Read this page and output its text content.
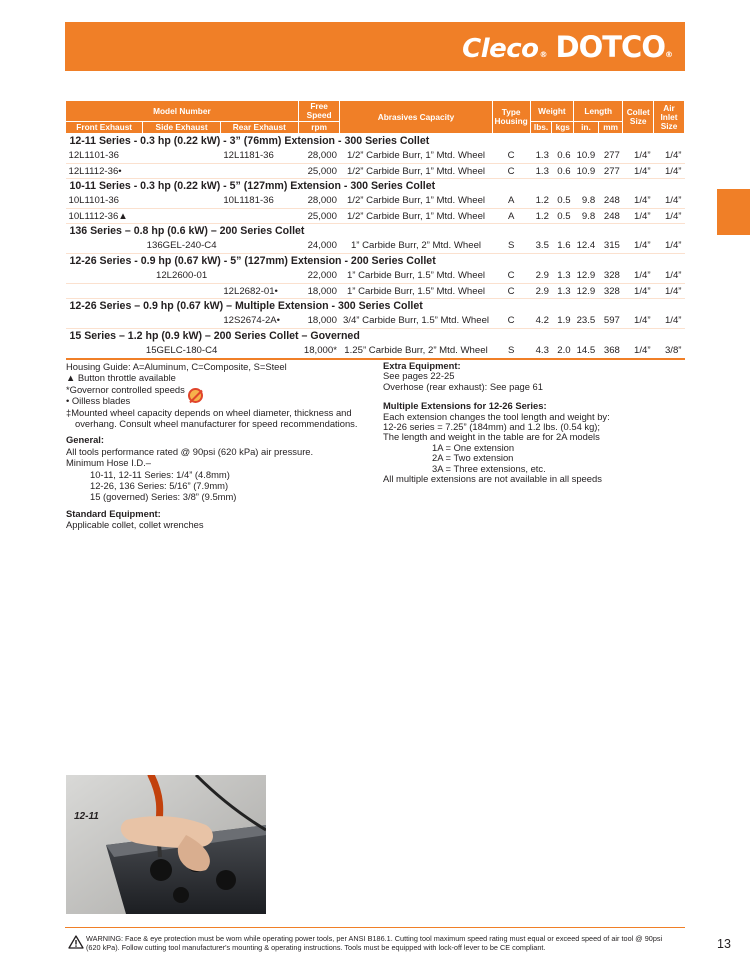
Cleco ® DOTCO ®
Model Number			Free Speed	Abrasives Capacity	Type Housing	Weight		Length		Collet Size	Air Inlet Size
Front Exhaust	Side Exhaust	Rear Exhaust	rpm			lbs.	kgs	in.	mm		
12-11 Series - 0.3 hp (0.22 kW) - 3” (76mm) Extension - 300 Series Collet											
12L1101-36		12L1181-36	28,000	1/2” Carbide Burr, 1” Mtd. Wheel	C	1.3	0.6	10.9	277	1/4”	1/4”
12L1112-36•			25,000	1/2” Carbide Burr, 1” Mtd. Wheel	C	1.3	0.6	10.9	277	1/4”	1/4”
10-11 Series - 0.3 hp (0.22 kW) - 5” (127mm) Extension - 300 Series Collet											
10L1101-36		10L1181-36	28,000	1/2” Carbide Burr, 1” Mtd. Wheel	A	1.2	0.5	9.8	248	1/4”	1/4”
10L1112-36▲			25,000	1/2” Carbide Burr, 1” Mtd. Wheel	A	1.2	0.5	9.8	248	1/4”	1/4”
136 Series – 0.8 hp (0.6 kW) – 200 Series Collet											
	136GEL-240-C4		24,000	1” Carbide Burr, 2” Mtd. Wheel	S	3.5	1.6	12.4	315	1/4”	1/4”
12-26 Series - 0.9 hp (0.67 kW) - 5” (127mm) Extension - 200 Series Collet											
	12L2600-01		22,000	1” Carbide Burr, 1.5” Mtd. Wheel	C	2.9	1.3	12.9	328	1/4”	1/4”
		12L2682-01•	18,000	1” Carbide Burr, 1.5” Mtd. Wheel	C	2.9	1.3	12.9	328	1/4”	1/4”
12-26 Series – 0.9 hp (0.67 kW) – Multiple Extension - 300 Series Collet											
		12S2674-2A•	18,000	3/4” Carbide Burr, 1.5” Mtd. Wheel	C	4.2	1.9	23.5	597	1/4”	1/4”
15 Series – 1.2 hp (0.9 kW) – 200 Series Collet – Governed											
	15GELC-180-C4		18,000*	1.25” Carbide Burr, 2” Mtd. Wheel	S	4.3	2.0	14.5	368	1/4”	3/8”
Housing Guide: A=Aluminum, C=Composite, S=Steel
▲ Button throttle available
*Governor controlled speeds
• Oilless blades
‡Mounted wheel capacity depends on wheel diameter, thickness and
overhang. Consult wheel manufacturer for speed recommendations.
General:
All tools performance rated @ 90psi (620 kPa) air pressure.
Minimum Hose I.D.–
10-11, 12-11 Series: 1/4” (4.8mm)
12-26, 136 Series: 5/16” (7.9mm)
15 (governed) Series: 3/8” (9.5mm)
Standard Equipment:
Applicable collet, collet wrenches
Extra Equipment:
See pages 22-25
Overhose (rear exhaust): See page 61
Multiple Extensions for 12-26 Series:
Each extension changes the tool length and weight by:
12-26 series = 7.25” (184mm) and 1.2 lbs. (0.54 kg);
The length and weight in the table are for 2A models
1A = One extension
2A = Two extension
3A = Three extensions, etc.
All multiple extensions are not available in all speeds
12-11
WARNING: Face & eye protection must be worn while operating power tools, per ANSI B186.1. Cutting tool maximum speed rating must equal or exceed speed of air tool @ 90psi
(620 kPa). Follow cutting tool manufacturer's mounting & operating instructions. Tools must be equipped with lock-off lever to be CE compliant.	13
